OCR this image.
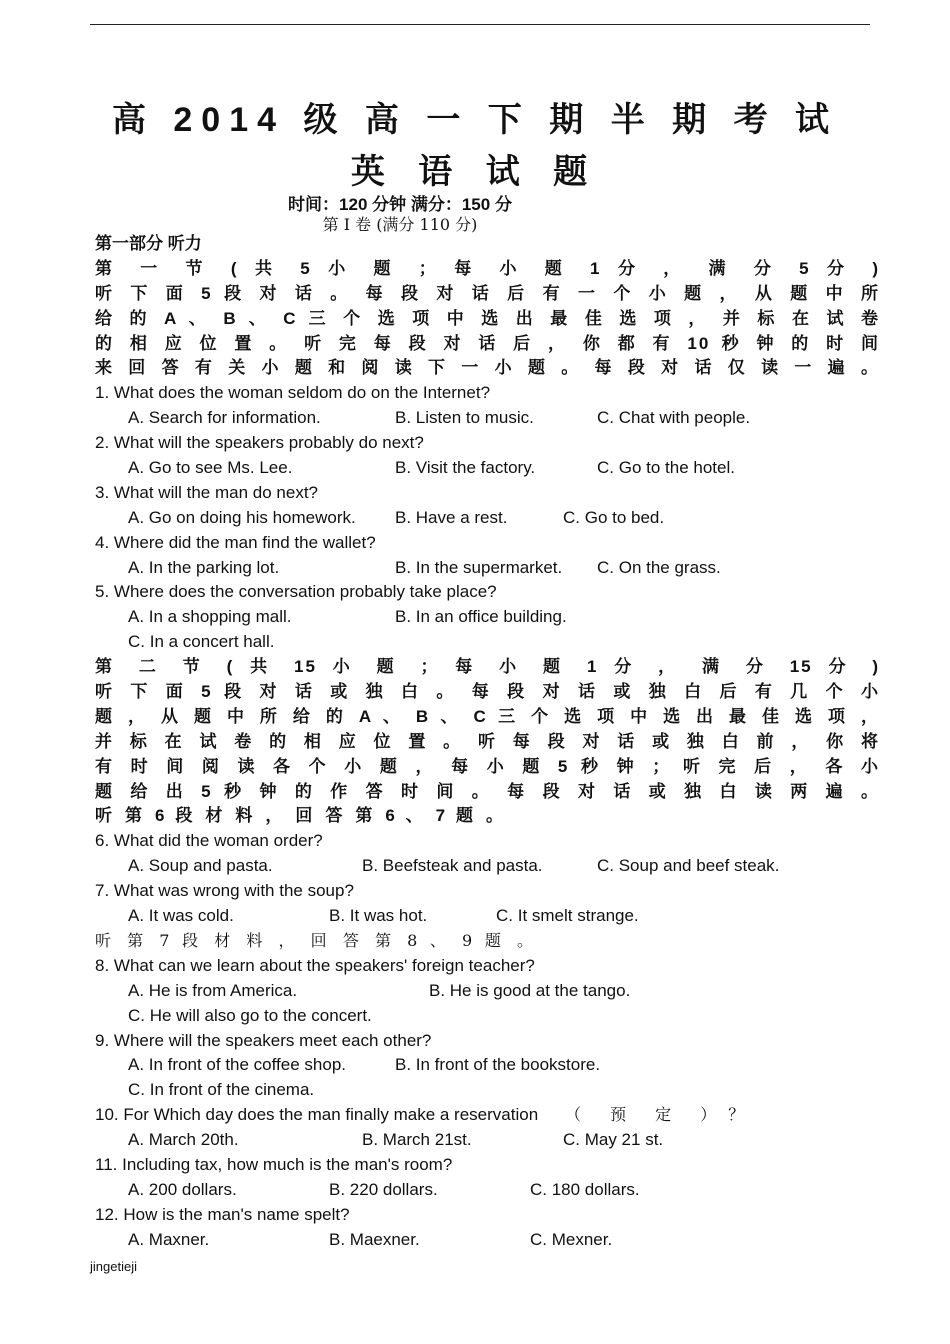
高 2014 级 高 一 下 期 半 期 考 试
英 语 试 题
时间：120 分钟 满分：150 分
第 I 卷 (满分 110 分)
第一部分 听力
第 一 节 ( 共 5 小 题 ； 每 小 题 1 分 ， 满 分 5 分 )
听 下 面 5 段 对 话 。 每 段 对 话 后 有 一 个 小 题 ， 从 题 中 所
给 的 A 、 B 、 C 三 个 选 项 中 选 出 最 佳 选 项 ， 并 标 在 试 卷
的 相 应 位 置 。 听 完 每 段 对 话 后 ， 你 都 有 10 秒 钟 的 时 间
来 回 答 有 关 小 题 和 阅 读 下 一 小 题 。 每 段 对 话 仅 读 一 遍 。
1. What does the woman seldom do on the Internet?
A. Search for information.	B. Listen to music.	C. Chat with people.
2. What will the speakers probably do next?
A. Go to see Ms. Lee.	B. Visit the factory.	C. Go to the hotel.
3. What will the man do next?
A. Go on doing his homework. B. Have a rest.	C. Go to bed.
4. Where did the man find the wallet?
A. In the parking lot.	B. In the supermarket. C. On the grass.
5. Where does the conversation probably take place?
A. In a shopping mall.	B. In an office building.
C. In a concert hall.
第 二 节 ( 共 15 小 题 ； 每 小 题 1 分 ， 满 分 15 分 )
听 下 面 5 段 对 话 或 独 白 。 每 段 对 话 或 独 白 后 有 几 个 小
题 ， 从 题 中 所 给 的 A 、 B 、 C 三 个 选 项 中 选 出 最 佳 选 项 ，
并 标 在 试 卷 的 相 应 位 置 。 听 每 段 对 话 或 独 白 前 ， 你 将
有 时 间 阅 读 各 个 小 题 ， 每 小 题 5 秒 钟 ； 听 完 后 ， 各 小
题 给 出 5 秒 钟 的 作 答 时 间 。 每 段 对 话 或 独 白 读 两 遍 。
听 第 6 段 材 料 ， 回 答 第 6 、 7 题 。
6. What did the woman order?
A. Soup and pasta.	B. Beefsteak and pasta.	C. Soup and beef steak.
7. What was wrong with the soup?
A. It was cold.	B. It was hot.	C. It smelt strange.
听 第 7 段 材 料 ， 回 答 第 8 、 9 题 。
8. What can we learn about the speakers' foreign teacher?
A. He is from America.	B. He is good at the tango.
C. He will also go to the concert.
9. Where will the speakers meet each other?
A. In front of the coffee shop.	B. In front of the bookstore.
C. In front of the cinema.
10. For Which day does the man finally make a reservation （ 预 定 ）？
A. March 20th.	B. March 21st.	C. May 21 st.
11. Including tax, how much is the man's room?
A. 200 dollars.	B. 220 dollars.	C. 180 dollars.
12. How is the man's name spelt?
A. Maxner.	B. Maexner.	C. Mexner.
jingetieji
